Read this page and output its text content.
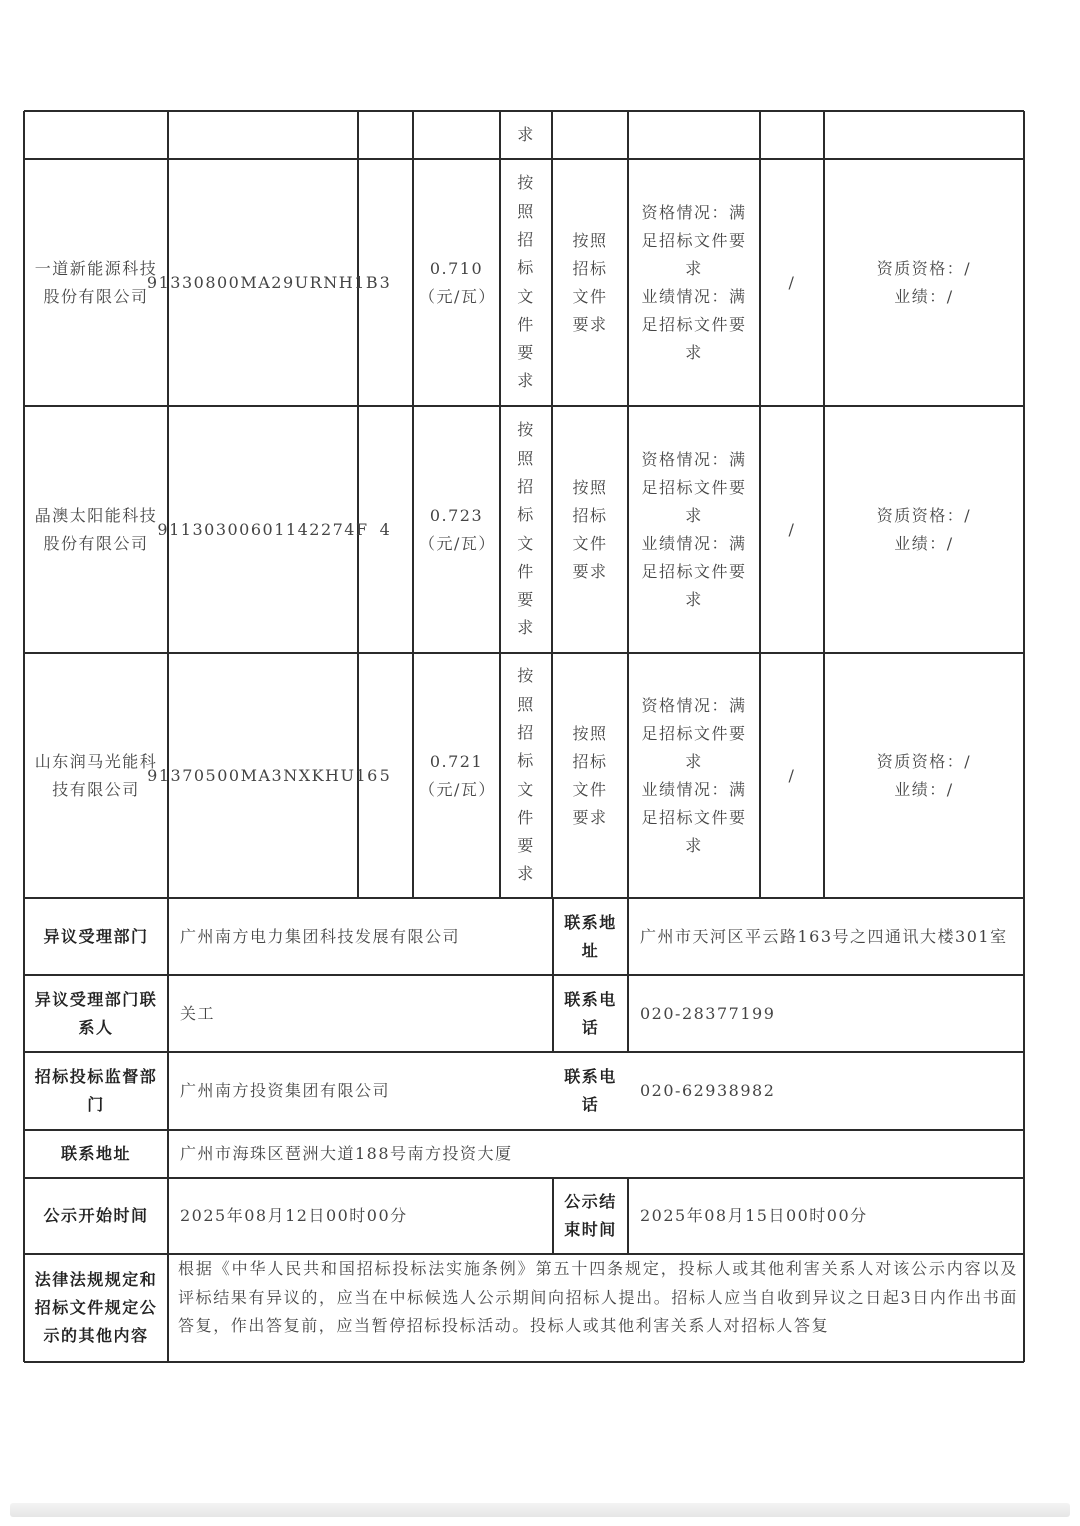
求
一道新能源科技股份有限公司
91330800MA29URNH1B 3
0.710
（元/瓦）
按
照
招
标
文
件
要
求
按照招标文件要求
资格情况：满足招标文件要求
业绩情况：满足招标文件要求
/
资质资格：/
业绩：/
晶澳太阳能科技股份有限公司
91130300601142274F 4
0.723
（元/瓦）
按
照
招
标
文
件
要
求
按照招标文件要求
资格情况：满足招标文件要求
业绩情况：满足招标文件要求
/
资质资格：/
业绩：/
山东润马光能科技有限公司
91370500MA3NXKHU16 5
0.721
（元/瓦）
按
照
招
标
文
件
要
求
按照招标文件要求
资格情况：满足招标文件要求
业绩情况：满足招标文件要求
/
资质资格：/
业绩：/
异议受理部门 广州南方电力集团科技发展有限公司
联系地址
广州市天河区平云路163号之四通讯大楼301室
异议受理部门联系人
关工
联系电话
020-28377199
招标投标监督部门
广州南方投资集团有限公司
联系电话
020-62938982
联系地址	广州市海珠区琶洲大道188号南方投资大厦
公示开始时间 2025年08月12日00时00分
公示结束时间
2025年08月15日00时00分
法律法规规定和招标文件规定公示的其他内容
根据《中华人民共和国招标投标法实施条例》第五十四条规定，投标人或其他利害关系人对该公示内容以及评标结果有异议的，应当在中标候选人公示期间向招标人提出。招标人应当自收到异议之日起3日内作出书面答复，作出答复前，应当暂停招标投标活动。投标人或其他利害关系人对招标人答复
